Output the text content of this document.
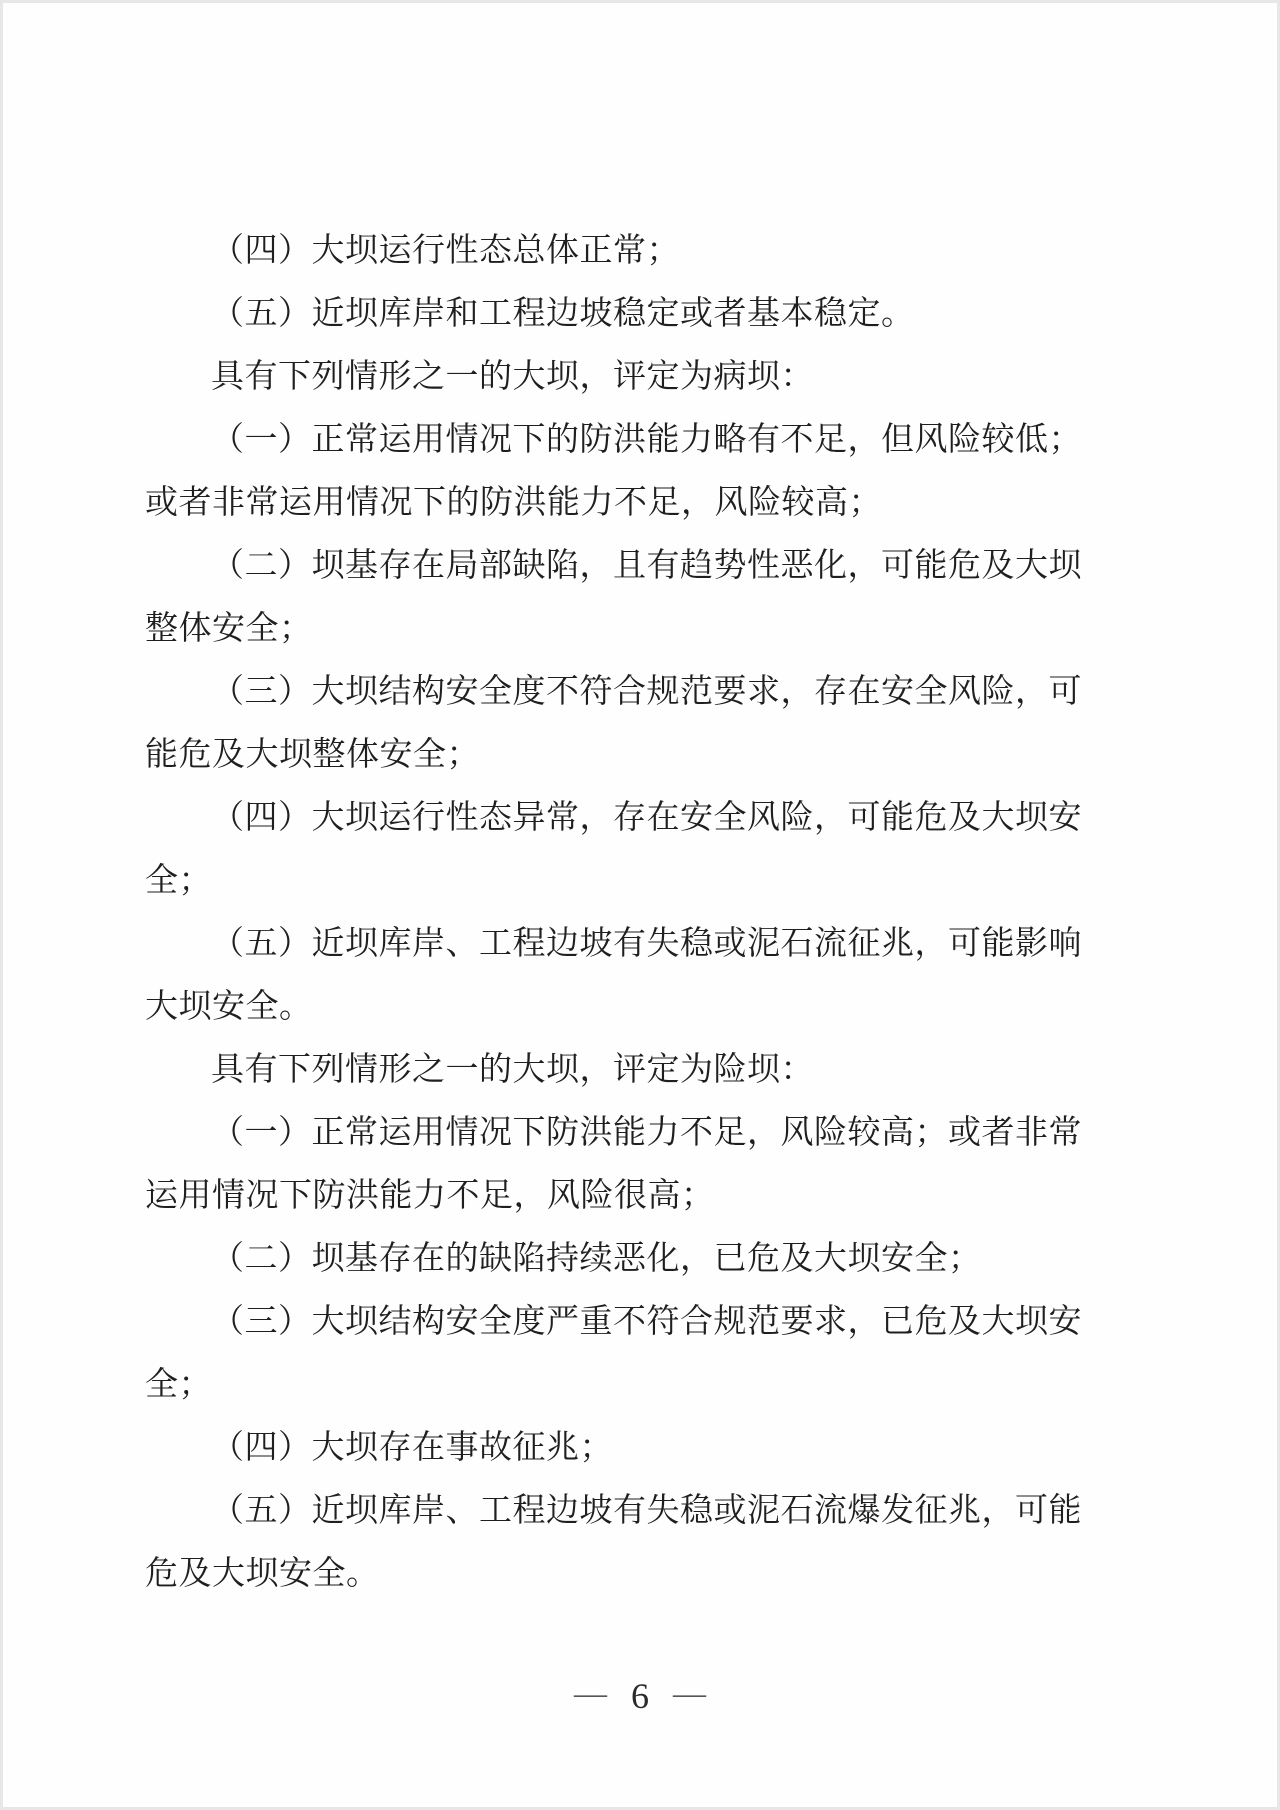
（四）大坝运行性态总体正常；
（五）近坝库岸和工程边坡稳定或者基本稳定。
具有下列情形之一的大坝，评定为病坝：
（一）正常运用情况下的防洪能力略有不足，但风险较低；
或者非常运用情况下的防洪能力不足，风险较高；
（二）坝基存在局部缺陷，且有趋势性恶化，可能危及大坝
整体安全；
（三）大坝结构安全度不符合规范要求，存在安全风险，可
能危及大坝整体安全；
（四）大坝运行性态异常，存在安全风险，可能危及大坝安
全；
（五）近坝库岸、工程边坡有失稳或泥石流征兆，可能影响
大坝安全。
具有下列情形之一的大坝，评定为险坝：
（一）正常运用情况下防洪能力不足，风险较高；或者非常
运用情况下防洪能力不足，风险很高；
（二）坝基存在的缺陷持续恶化，已危及大坝安全；
（三）大坝结构安全度严重不符合规范要求，已危及大坝安
全；
（四）大坝存在事故征兆；
（五）近坝库岸、工程边坡有失稳或泥石流爆发征兆，可能
危及大坝安全。
— 6 —
